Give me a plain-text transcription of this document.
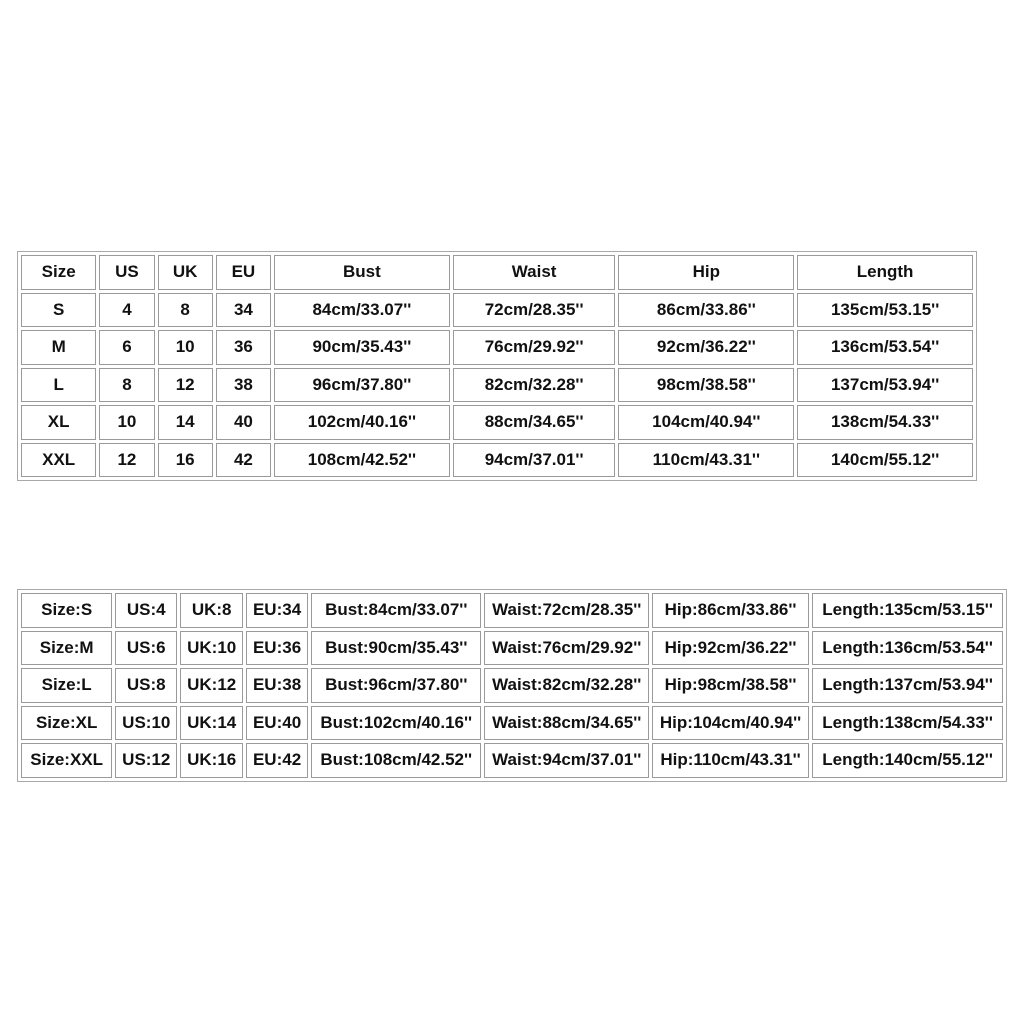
Size	US	UK	EU	Bust	Waist	Hip	Length
S	4	8	34	84cm/33.07''	72cm/28.35''	86cm/33.86''	135cm/53.15''
M	6	10	36	90cm/35.43''	76cm/29.92''	92cm/36.22''	136cm/53.54''
L	8	12	38	96cm/37.80''	82cm/32.28''	98cm/38.58''	137cm/53.94''
XL	10	14	40	102cm/40.16''	88cm/34.65''	104cm/40.94''	138cm/54.33''
XXL	12	16	42	108cm/42.52''	94cm/37.01''	110cm/43.31''	140cm/55.12''
Size:S	US:4	UK:8	EU:34	Bust:84cm/33.07''	Waist:72cm/28.35''	Hip:86cm/33.86''	Length:135cm/53.15''
Size:M	US:6	UK:10	EU:36	Bust:90cm/35.43''	Waist:76cm/29.92''	Hip:92cm/36.22''	Length:136cm/53.54''
Size:L	US:8	UK:12	EU:38	Bust:96cm/37.80''	Waist:82cm/32.28''	Hip:98cm/38.58''	Length:137cm/53.94''
Size:XL	US:10	UK:14	EU:40	Bust:102cm/40.16''	Waist:88cm/34.65''	Hip:104cm/40.94''	Length:138cm/54.33''
Size:XXL	US:12	UK:16	EU:42	Bust:108cm/42.52''	Waist:94cm/37.01''	Hip:110cm/43.31''	Length:140cm/55.12''
